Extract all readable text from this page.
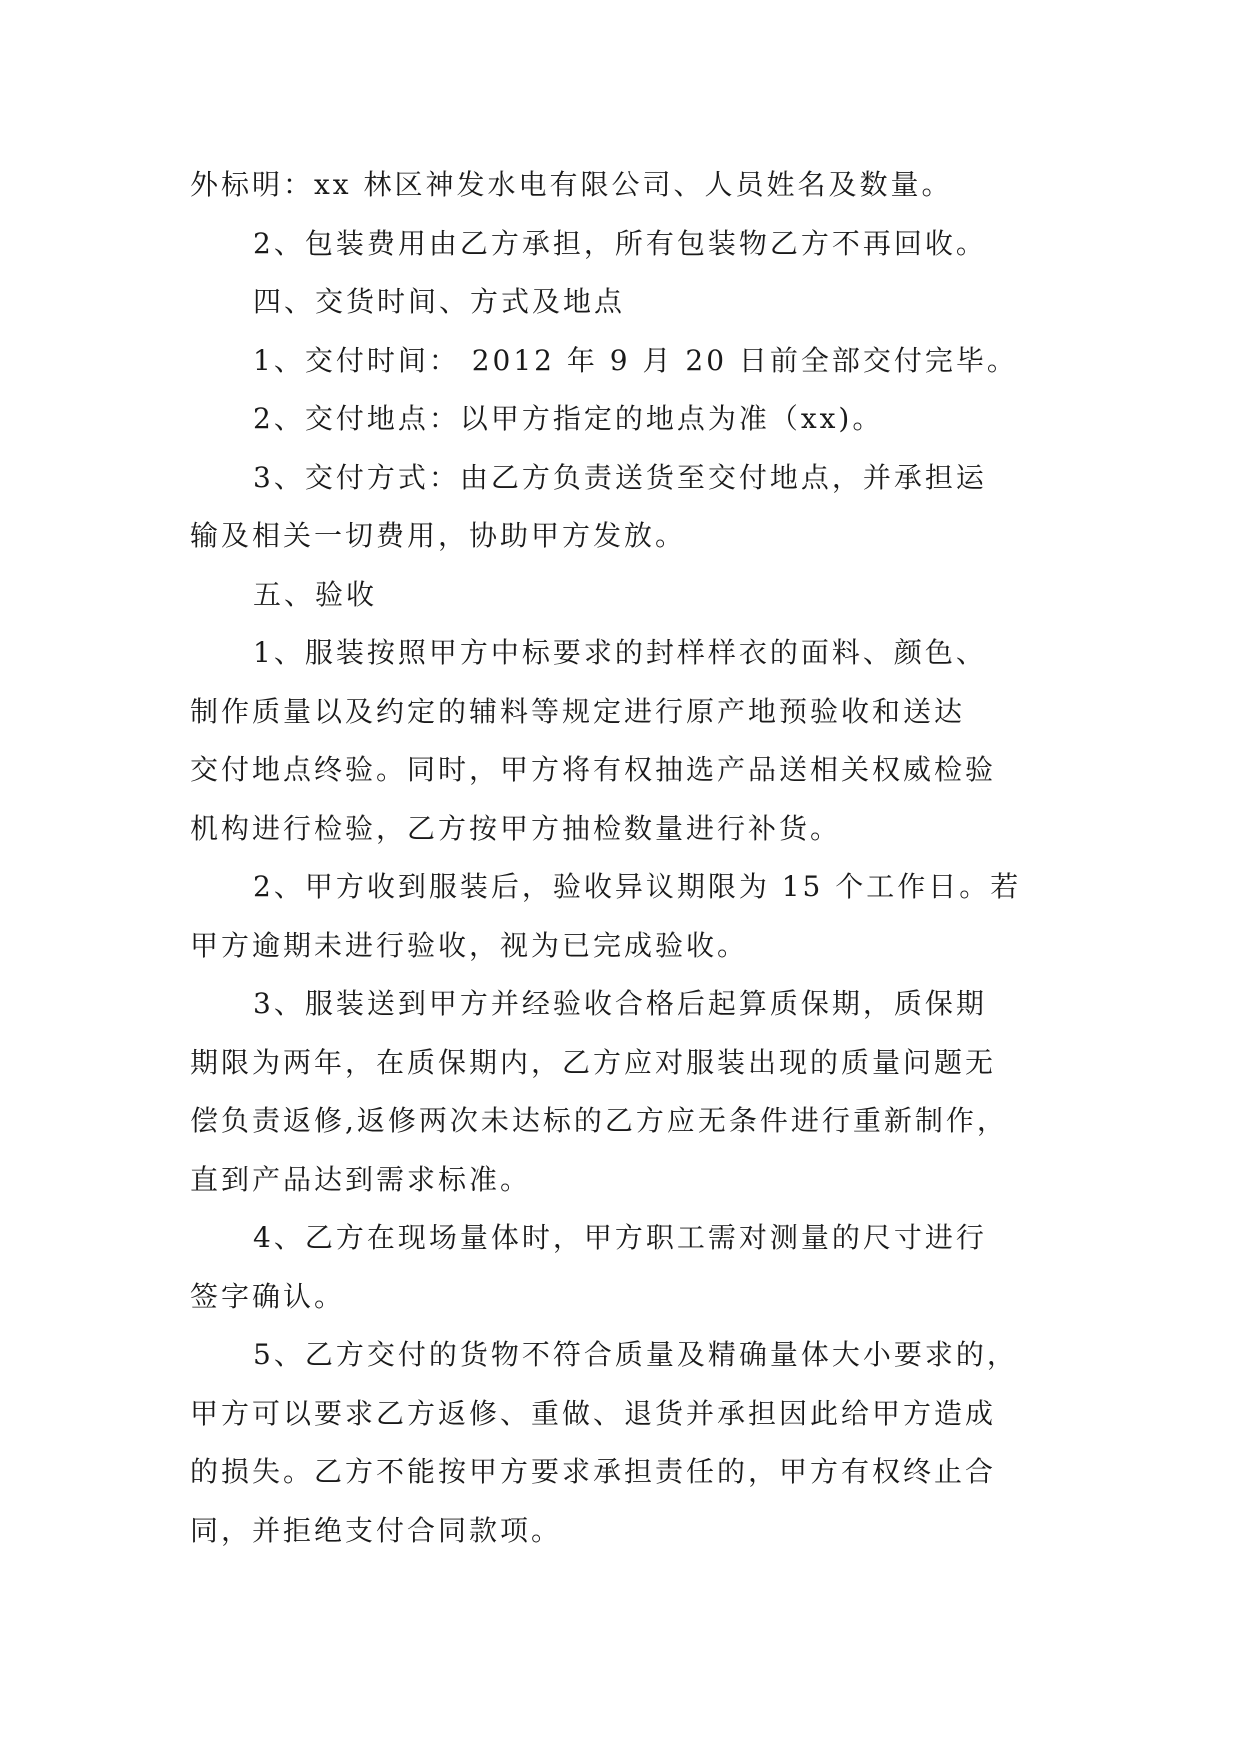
外标明：xx 林区神发水电有限公司、人员姓名及数量。
2、包装费用由乙方承担，所有包装物乙方不再回收。
四、交货时间、方式及地点
1、交付时间： 2012 年 9 月 20 日前全部交付完毕。
2、交付地点：以甲方指定的地点为准（xx)。
3、交付方式：由乙方负责送货至交付地点，并承担运
输及相关一切费用，协助甲方发放。
五、验收
1、服装按照甲方中标要求的封样样衣的面料、颜色、
制作质量以及约定的辅料等规定进行原产地预验收和送达
交付地点终验。同时，甲方将有权抽选产品送相关权威检验
机构进行检验，乙方按甲方抽检数量进行补货。
2、甲方收到服装后，验收异议期限为 15 个工作日。若
甲方逾期未进行验收，视为已完成验收。
3、服装送到甲方并经验收合格后起算质保期，质保期
期限为两年，在质保期内，乙方应对服装出现的质量问题无
偿负责返修,返修两次未达标的乙方应无条件进行重新制作，
直到产品达到需求标准。
4、乙方在现场量体时，甲方职工需对测量的尺寸进行
签字确认。
5、乙方交付的货物不符合质量及精确量体大小要求的，
甲方可以要求乙方返修、重做、退货并承担因此给甲方造成
的损失。乙方不能按甲方要求承担责任的，甲方有权终止合
同，并拒绝支付合同款项。
